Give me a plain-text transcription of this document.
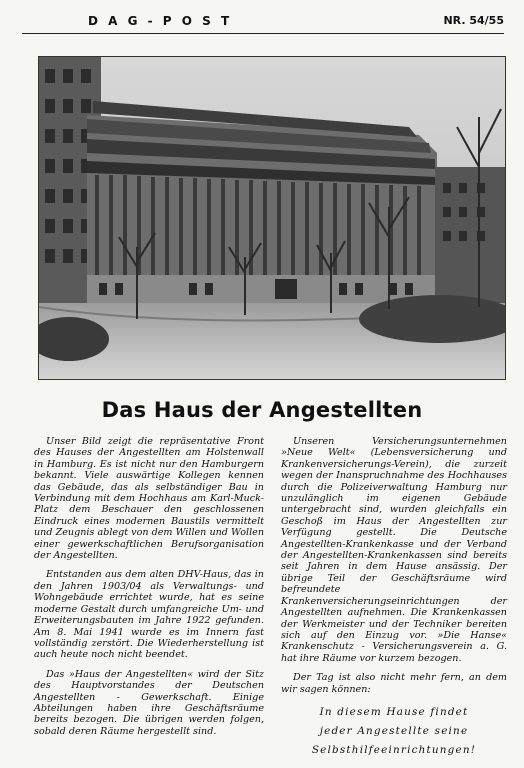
D A G - P O S T	NR. 54/55
Das Haus der Angestellten

Unser Bild zeigt die repräsentative Front des Hauses der Angestellten am Holstenwall in Hamburg. Es ist nicht nur den Hamburgern bekannt. Viele auswärtige Kollegen kennen das Gebäude, das als selbständiger Bau in Verbindung mit dem Hochhaus am Karl-Muck-Platz dem Beschauer den geschlossenen Eindruck eines modernen Baustils vermittelt und Zeugnis ablegt von dem Willen und Wollen einer gewerkschaftlichen Berufsorganisation der Angestellten.

Entstanden aus dem alten DHV-Haus, das in den Jahren 1903/04 als Verwaltungs- und Wohngebäude errichtet wurde, hat es seine moderne Gestalt durch umfangreiche Um- und Erweiterungsbauten im Jahre 1922 gefunden. Am 8. Mai 1941 wurde es im Innern fast vollständig zerstört. Die Wiederherstellung ist auch heute noch nicht beendet.

Das »Haus der Angestellten« wird der Sitz des Hauptvorstandes der Deutschen Angestellten - Gewerkschaft. Einige Abteilungen haben ihre Geschäftsräume bereits bezogen. Die übrigen werden folgen, sobald deren Räume hergestellt sind.

Unseren Versicherungsunternehmen »Neue Welt« (Lebensversicherung und Krankenversicherungs-Verein), die zurzeit wegen der Inanspruchnahme des Hochhauses durch die Polizeiverwaltung Hamburg nur unzulänglich im eigenen Gebäude untergebracht sind, wurden gleichfalls ein Geschoß im Haus der Angestellten zur Verfügung gestellt. Die Deutsche Angestellten-Krankenkasse und der Verband der Angestellten-Krankenkassen sind bereits seit Jahren in dem Hause ansässig. Der übrige Teil der Geschäftsräume wird befreundete Krankenversicherungseinrichtungen der Angestellten aufnehmen. Die Krankenkassen der Werkmeister und der Techniker bereiten sich auf den Einzug vor. »Die Hanse« Krankenschutz - Versicherungsverein a. G. hat ihre Räume vor kurzem bezogen.

Der Tag ist also nicht mehr fern, an dem wir sagen können:

In diesem Hause findet
jeder Angestellte seine
Selbsthilfeeinrichtungen!
